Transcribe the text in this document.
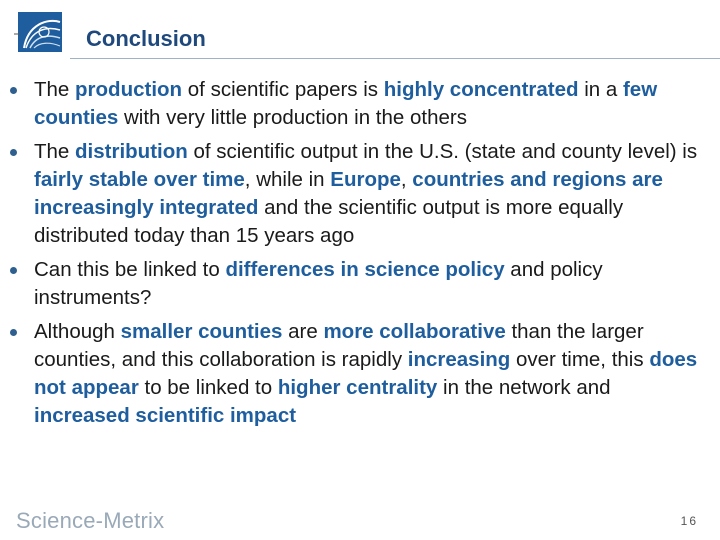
Conclusion
The production of scientific papers is highly concentrated in a few counties with very little production in the others
The distribution of scientific output in the U.S. (state and county level) is fairly stable over time, while in Europe, countries and regions are increasingly integrated and the scientific output is more equally distributed today than 15 years ago
Can this be linked to differences in science policy and policy instruments?
Although smaller counties are more collaborative than the larger counties, and this collaboration is rapidly increasing over time, this does not appear to be linked to higher centrality in the network and increased scientific impact
Science-Metrix	16
